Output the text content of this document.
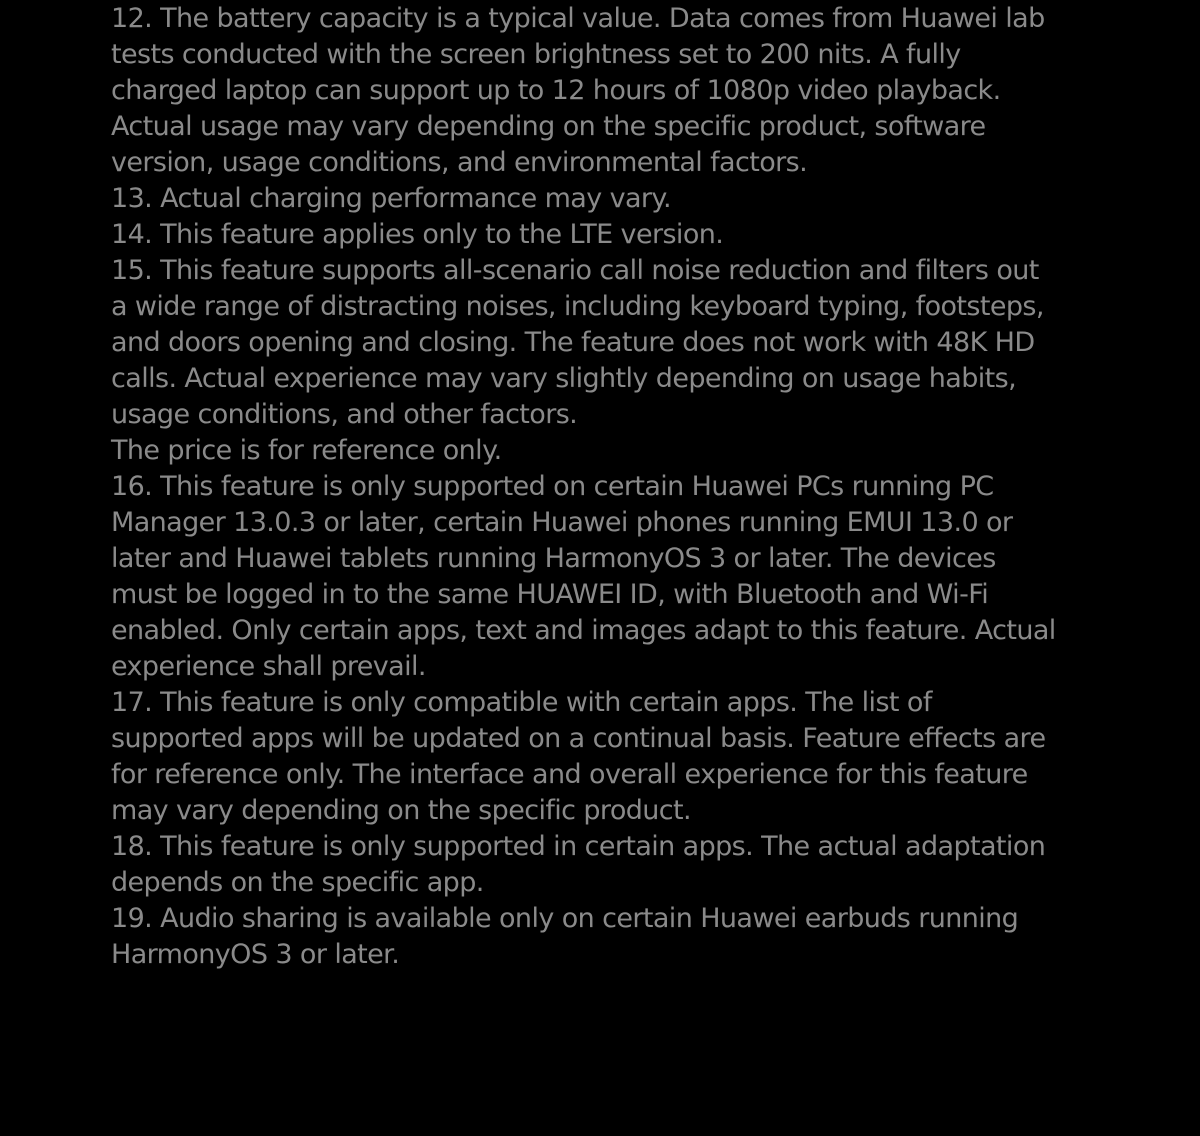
12. The battery capacity is a typical value. Data comes from Huawei lab
tests conducted with the screen brightness set to 200 nits. A fully
charged laptop can support up to 12 hours of 1080p video playback.
Actual usage may vary depending on the specific product, software
version, usage conditions, and environmental factors.

13. Actual charging performance may vary.

14. This feature applies only to the LTE version.

15. This feature supports all-scenario call noise reduction and filters out
a wide range of distracting noises, including keyboard typing, footsteps,
and doors opening and closing. The feature does not work with 48K HD
calls. Actual experience may vary slightly depending on usage habits,
usage conditions, and other factors.

The price is for reference only.

16. This feature is only supported on certain Huawei PCs running PC
Manager 13.0.3 or later, certain Huawei phones running EMUI 13.0 or
later and Huawei tablets running HarmonyOS 3 or later. The devices
must be logged in to the same HUAWEI ID, with Bluetooth and Wi-Fi
enabled. Only certain apps, text and images adapt to this feature. Actual
experience shall prevail.

17. This feature is only compatible with certain apps. The list of
supported apps will be updated on a continual basis. Feature effects are
for reference only. The interface and overall experience for this feature
may vary depending on the specific product.

18. This feature is only supported in certain apps. The actual adaptation
depends on the specific app.

19. Audio sharing is available only on certain Huawei earbuds running
HarmonyOS 3 or later.
